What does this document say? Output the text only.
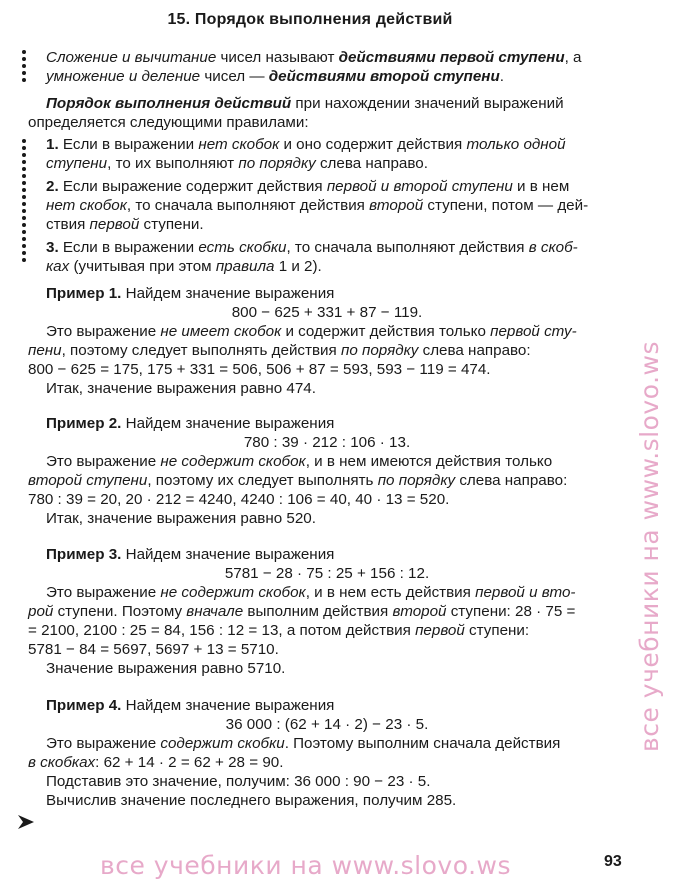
15. Порядок выполнения действий

Сложение и вычитание чисел называют действиями первой ступени, а

умножение и деление чисел — действиями второй ступени.

Порядок выполнения действий при нахождении значений выражений

определяется следующими правилами:

1. Если в выражении нет скобок и оно содержит действия только одной
ступени, то их выполняют по порядку слева направо.

2. Если выражение содержит действия первой и второй ступени и в нем
нет скобок, то сначала выполняют действия второй ступени, потом — дей-
ствия первой ступени.

3. Если в выражении есть скобки, то сначала выполняют действия в скоб-
ках (учитывая при этом правила 1 и 2).

Пример 1. Найдем значение выражения

800 − 625 + 331 + 87 − 119.

Это выражение не имеет скобок и содержит действия только первой сту-

пени, поэтому следует выполнять действия по порядку слева направо:

800 − 625 = 175, 175 + 331 = 506, 506 + 87 = 593, 593 − 119 = 474.

Итак, значение выражения равно 474.

Пример 2. Найдем значение выражения

780 : 39 · 212 : 106 · 13.

Это выражение не содержит скобок, и в нем имеются действия только

второй ступени, поэтому их следует выполнять по порядку слева направо:

780 : 39 = 20, 20 · 212 = 4240, 4240 : 106 = 40, 40 · 13 = 520.

Итак, значение выражения равно 520.

Пример 3. Найдем значение выражения

5781 − 28 · 75 : 25 + 156 : 12.

Это выражение не содержит скобок, и в нем есть действия первой и вто-

рой ступени. Поэтому вначале выполним действия второй ступени: 28 · 75 =

= 2100, 2100 : 25 = 84, 156 : 12 = 13, а потом действия первой ступени:

5781 − 84 = 5697, 5697 + 13 = 5710.

Значение выражения равно 5710.

Пример 4. Найдем значение выражения

36 000 : (62 + 14 · 2) − 23 · 5.

Это выражение содержит скобки. Поэтому выполним сначала действия

в скобках: 62 + 14 · 2 = 62 + 28 = 90.

Подставив это значение, получим: 36 000 : 90 − 23 · 5.

Вычислив значение последнего выражения, получим 285.

все учебники на www.slovo.ws
все учебники на www.slovo.ws
93
